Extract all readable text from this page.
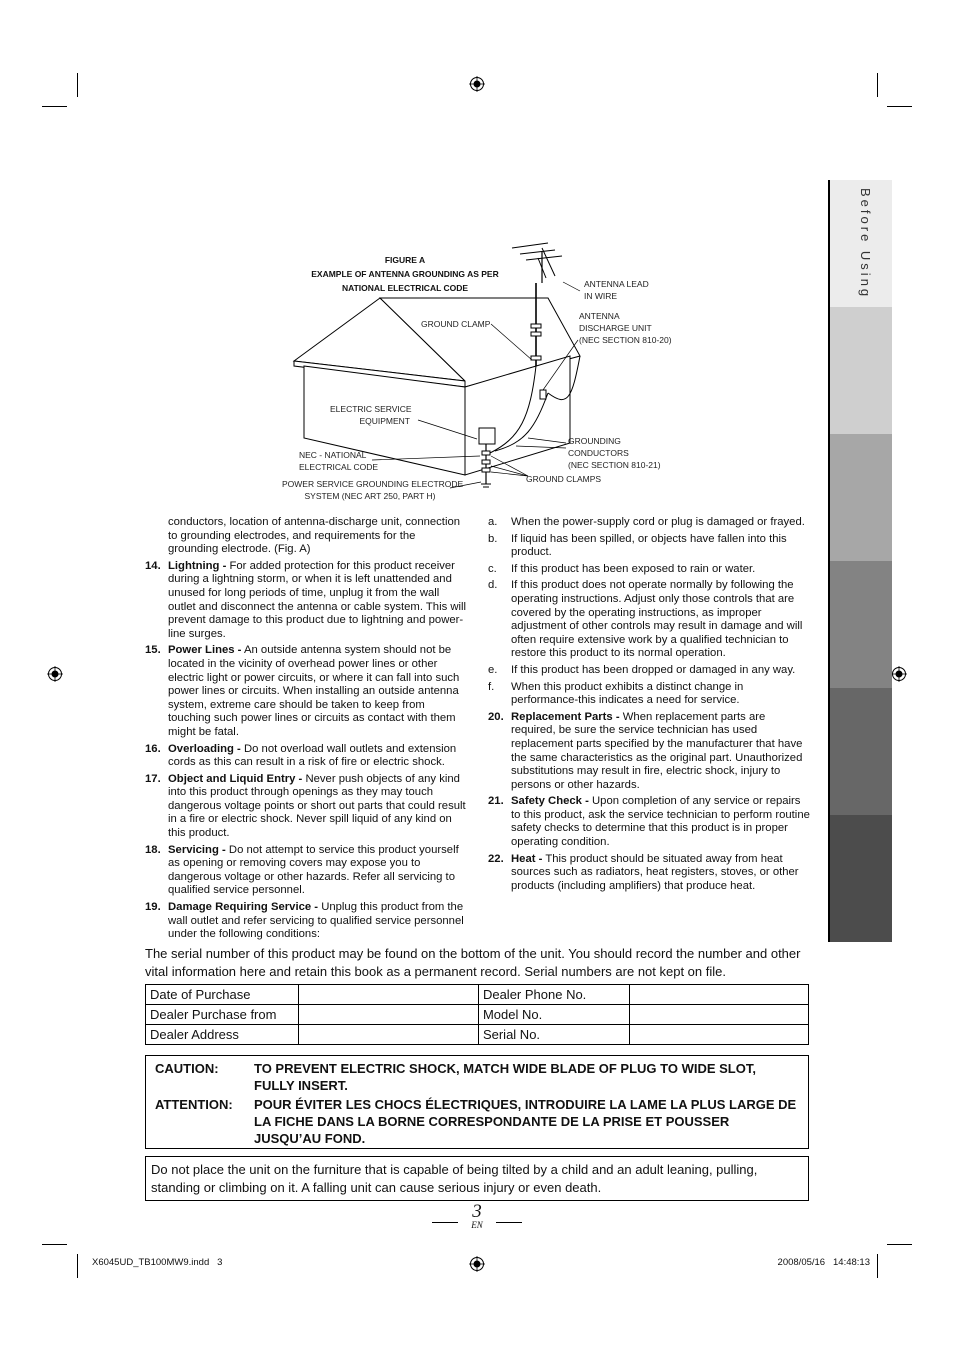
Before Using
FIGURE A
EXAMPLE OF ANTENNA GROUNDING AS PER
NATIONAL ELECTRICAL CODE	ANTENNA LEAD
IN WIRE
GROUND CLAMP
ANTENNA
DISCHARGE UNIT
(NEC SECTION 810-20)
ELECTRIC SERVICE
EQUIPMENT
GROUNDING
CONDUCTORS
(NEC SECTION 810-21)
NEC - NATIONAL
ELECTRICAL CODE
GROUND CLAMPS
POWER SERVICE GROUNDING ELECTRODE
SYSTEM (NEC ART 250, PART H)
conductors, location of antenna-discharge unit, connection to grounding electrodes, and requirements for the grounding electrode. (Fig. A)
14. Lightning - For added protection for this product receiver during a lightning storm, or when it is left unattended and unused for long periods of time, unplug it from the wall outlet and disconnect the antenna or cable system. This will prevent damage to this product due to lightning and power-line surges.
15. Power Lines - An outside antenna system should not be located in the vicinity of overhead power lines or other electric light or power circuits, or where it can fall into such power lines or circuits. When installing an outside antenna system, extreme care should be taken to keep from touching such power lines or circuits as contact with them might be fatal.
16. Overloading - Do not overload wall outlets and extension cords as this can result in a risk of fire or electric shock.
17. Object and Liquid Entry - Never push objects of any kind into this product through openings as they may touch dangerous voltage points or short out parts that could result in a fire or electric shock. Never spill liquid of any kind on this product.
18. Servicing - Do not attempt to service this product yourself as opening or removing covers may expose you to dangerous voltage or other hazards. Refer all servicing to qualified service personnel.
19. Damage Requiring Service - Unplug this product from the wall outlet and refer servicing to qualified service personnel under the following conditions:
a. When the power-supply cord or plug is damaged or frayed.
b. If liquid has been spilled, or objects have fallen into this product.
c. If this product has been exposed to rain or water.
d. If this product does not operate normally by following the operating instructions. Adjust only those controls that are covered by the operating instructions, as improper adjustment of other controls may result in damage and will often require extensive work by a qualified technician to restore this product to its normal operation.
e. If this product has been dropped or damaged in any way.
f. When this product exhibits a distinct change in performance-this indicates a need for service.
20. Replacement Parts - When replacement parts are required, be sure the service technician has used replacement parts specified by the manufacturer that have the same characteristics as the original part. Unauthorized substitutions may result in fire, electric shock, injury to persons or other hazards.
21. Safety Check - Upon completion of any service or repairs to this product, ask the service technician to perform routine safety checks to determine that this product is in proper operating condition.
22. Heat - This product should be situated away from heat sources such as radiators, heat registers, stoves, or other products (including amplifiers) that produce heat.
The serial number of this product may be found on the bottom of the unit. You should record the number and other vital information here and retain this book as a permanent record. Serial numbers are not kept on file.
Date of Purchase		Dealer Phone No.	
Dealer Purchase from		Model No.	
Dealer Address		Serial No.	
CAUTION:	TO PREVENT ELECTRIC SHOCK, MATCH WIDE BLADE OF PLUG TO WIDE SLOT, FULLY INSERT.
ATTENTION: POUR ÉVITER LES CHOCS ÉLECTRIQUES, INTRODUIRE LA LAME LA PLUS LARGE DE LA FICHE DANS LA BORNE CORRESPONDANTE DE LA PRISE ET POUSSER JUSQU’AU FOND.
Do not place the unit on the furniture that is capable of being tilted by a child and an adult leaning, pulling, standing or climbing on it. A falling unit can cause serious injury or even death.
3
EN
X6045UD_TB100MW9.indd   3	2008/05/16   14:48:13
